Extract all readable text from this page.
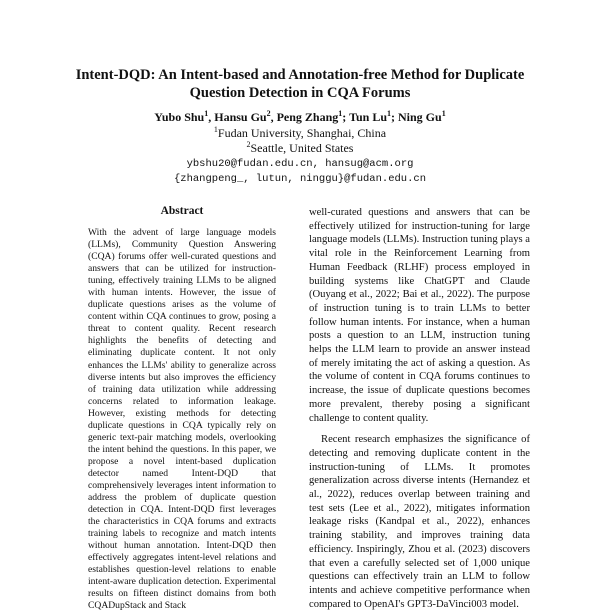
Intent-DQD: An Intent-based and Annotation-free Method for Duplicate
Question Detection in CQA Forums
Yubo Shu$^1$, Hansu Gu$^2$, Peng Zhang$^1$; Tun Lu$^1$; Ning Gu$^1$
$^1$Fudan University, Shanghai, China
$^2$Seattle, United States
ybshu20@fudan.edu.cn, hansug@acm.org
{zhangpeng_, lutun, ninggu}@fudan.edu.cn
Abstract
With the advent of large language models (LLMs), Community Question Answering (CQA) forums offer well-curated questions and answers that can be utilized for instruction-tuning, effectively training LLMs to be aligned with human intents. However, the issue of duplicate questions arises as the volume of content within CQA continues to grow, posing a threat to content quality. Recent research highlights the benefits of detecting and eliminating duplicate content. It not only enhances the LLMs' ability to generalize across diverse intents but also improves the efficiency of training data utilization while addressing concerns related to information leakage. However, existing methods for detecting duplicate questions in CQA typically rely on generic text-pair matching models, overlooking the intent behind the questions. In this paper, we propose a novel intent-based duplication detector named Intent-DQD that comprehensively leverages intent information to address the problem of duplicate question detection in CQA. Intent-DQD first leverages the characteristics in CQA forums and extracts training labels to recognize and match intents without human annotation. Intent-DQD then effectively aggregates intent-level relations and establishes question-level relations to enable intent-aware duplication detection. Experimental results on fifteen distinct domains from both CQADupStack and Stack

well-curated questions and answers that can be effectively utilized for instruction-tuning for large language models (LLMs). Instruction tuning plays a vital role in the Reinforcement Learning from Human Feedback (RLHF) process employed in building systems like ChatGPT and Claude (Ouyang et al., 2022; Bai et al., 2022). The purpose of instruction tuning is to train LLMs to better follow human intents. For instance, when a human posts a question to an LLM, instruction tuning helps the LLM learn to provide an answer instead of merely imitating the act of asking a question. As the volume of content in CQA forums continues to increase, the issue of duplicate questions becomes more prevalent, thereby posing a significant challenge to content quality.

Recent research emphasizes the significance of detecting and removing duplicate content in the instruction-tuning of LLMs. It promotes generalization across diverse intents (Hernandez et al., 2022), reduces overlap between training and test sets (Lee et al., 2022), mitigates information leakage risks (Kandpal et al., 2022), enhances training stability, and improves training data efficiency. Inspiringly, Zhou et al. (2023) discovers that even a carefully selected set of 1,000 unique questions can effectively train an LLM to follow intents and achieve competitive performance when compared to OpenAI's GPT3-DaVinci003 model.
